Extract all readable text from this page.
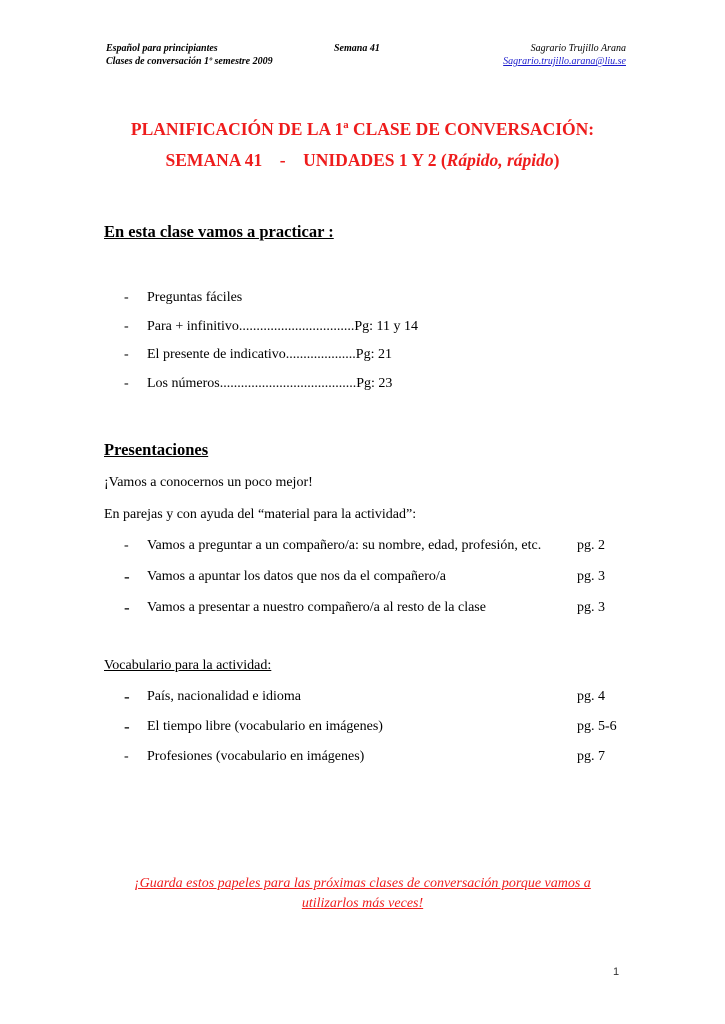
Español para principiantes
Clases de conversación 1º semestre 2009
Semana 41	Sagrario Trujillo Arana
Sagrario.trujillo.arana@liu.se
PLANIFICACIÓN DE LA 1ª CLASE DE CONVERSACIÓN:
SEMANA 41    -    UNIDADES 1 Y 2 (Rápido, rápido)
En esta clase vamos a practicar :
- Preguntas fáciles
- Para + infinitivo.................................Pg: 11 y 14
- El presente de indicativo....................Pg: 21
- Los números.......................................Pg: 23
Presentaciones
¡Vamos a conocernos un poco mejor!
En parejas y con ayuda del “material para la actividad”:
- Vamos a preguntar a un compañero/a: su nombre, edad, profesión, etc.	pg. 2
- Vamos a apuntar los datos que nos da el compañero/a	pg. 3
- Vamos a presentar a nuestro compañero/a al resto de la clase	pg. 3
Vocabulario para la actividad:
- País, nacionalidad e idioma	pg. 4
- El tiempo libre (vocabulario en imágenes)	pg. 5-6
- Profesiones (vocabulario en imágenes)	pg. 7
¡Guarda estos papeles para las próximas clases de conversación porque vamos a
utilizarlos más veces!
1
